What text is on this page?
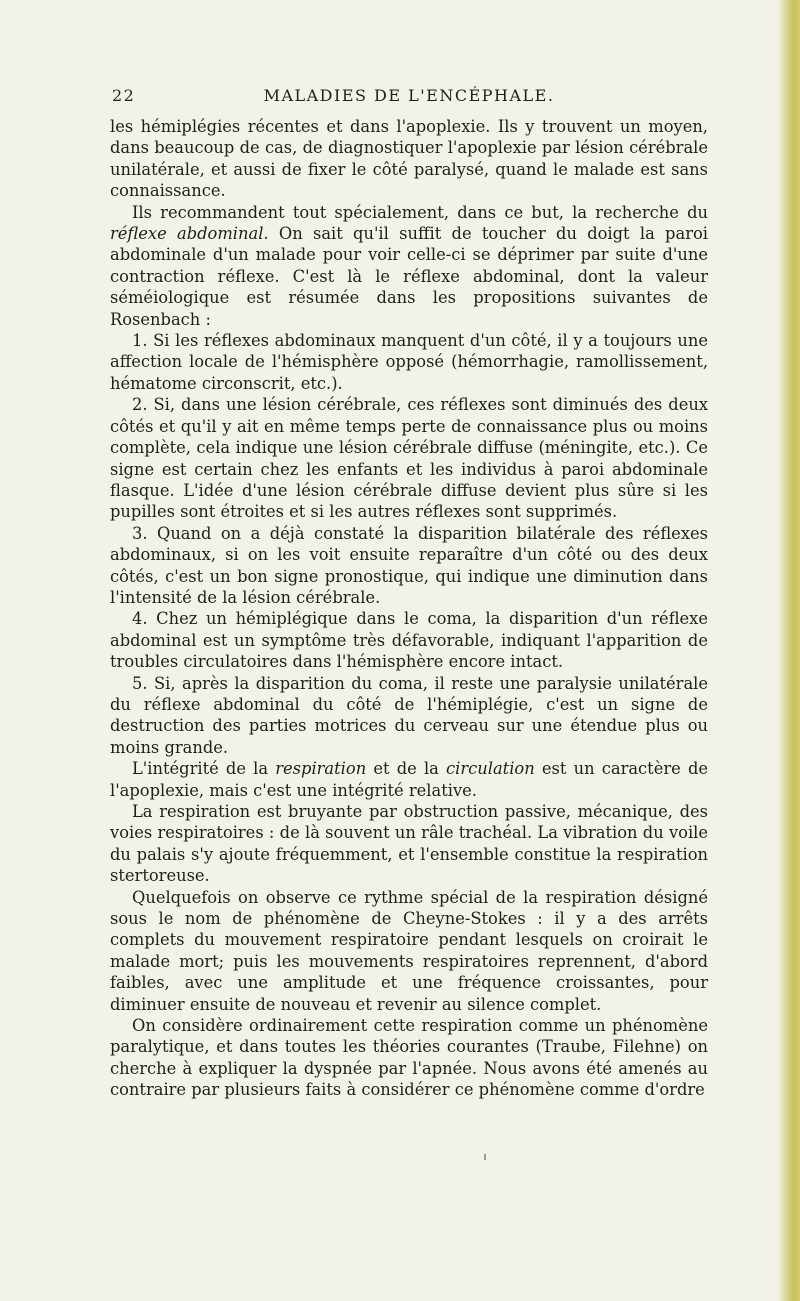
22	MALADIES DE L'ENCÉPHALE.

les hémiplégies récentes et dans l'apoplexie. Ils y trouvent un moyen, dans beaucoup de cas, de diagnostiquer l'apoplexie par lésion cérébrale unilatérale, et aussi de fixer le côté paralysé, quand le malade est sans connaissance.

Ils recommandent tout spécialement, dans ce but, la recherche du réflexe abdominal. On sait qu'il suffit de toucher du doigt la paroi abdominale d'un malade pour voir celle-ci se déprimer par suite d'une contraction réflexe. C'est là le réflexe abdominal, dont la valeur séméiologique est résumée dans les propositions suivantes de Rosenbach :

1. Si les réflexes abdominaux manquent d'un côté, il y a toujours une affection locale de l'hémisphère opposé (hémorrhagie, ramollissement, hématome circonscrit, etc.).

2. Si, dans une lésion cérébrale, ces réflexes sont diminués des deux côtés et qu'il y ait en même temps perte de connaissance plus ou moins complète, cela indique une lésion cérébrale diffuse (méningite, etc.). Ce signe est certain chez les enfants et les individus à paroi abdominale flasque. L'idée d'une lésion cérébrale diffuse devient plus sûre si les pupilles sont étroites et si les autres réflexes sont supprimés.

3. Quand on a déjà constaté la disparition bilatérale des réflexes abdominaux, si on les voit ensuite reparaître d'un côté ou des deux côtés, c'est un bon signe pronostique, qui indique une diminution dans l'intensité de la lésion cérébrale.

4. Chez un hémiplégique dans le coma, la disparition d'un réflexe abdominal est un symptôme très défavorable, indiquant l'apparition de troubles circulatoires dans l'hémisphère encore intact.

5. Si, après la disparition du coma, il reste une paralysie unilatérale du réflexe abdominal du côté de l'hémiplégie, c'est un signe de destruction des parties motrices du cerveau sur une étendue plus ou moins grande.

L'intégrité de la respiration et de la circulation est un caractère de l'apoplexie, mais c'est une intégrité relative.

La respiration est bruyante par obstruction passive, mécanique, des voies respiratoires : de là souvent un râle trachéal. La vibration du voile du palais s'y ajoute fréquemment, et l'ensemble constitue la respiration stertoreuse.

Quelquefois on observe ce rythme spécial de la respiration désigné sous le nom de phénomène de Cheyne-Stokes : il y a des arrêts complets du mouvement respiratoire pendant lesquels on croirait le malade mort; puis les mouvements respiratoires reprennent, d'abord faibles, avec une amplitude et une fréquence croissantes, pour diminuer ensuite de nouveau et revenir au silence complet.

On considère ordinairement cette respiration comme un phénomène paralytique, et dans toutes les théories courantes (Traube, Filehne) on cherche à expliquer la dyspnée par l'apnée. Nous avons été amenés au contraire par plusieurs faits à considérer ce phénomène comme d'ordre
